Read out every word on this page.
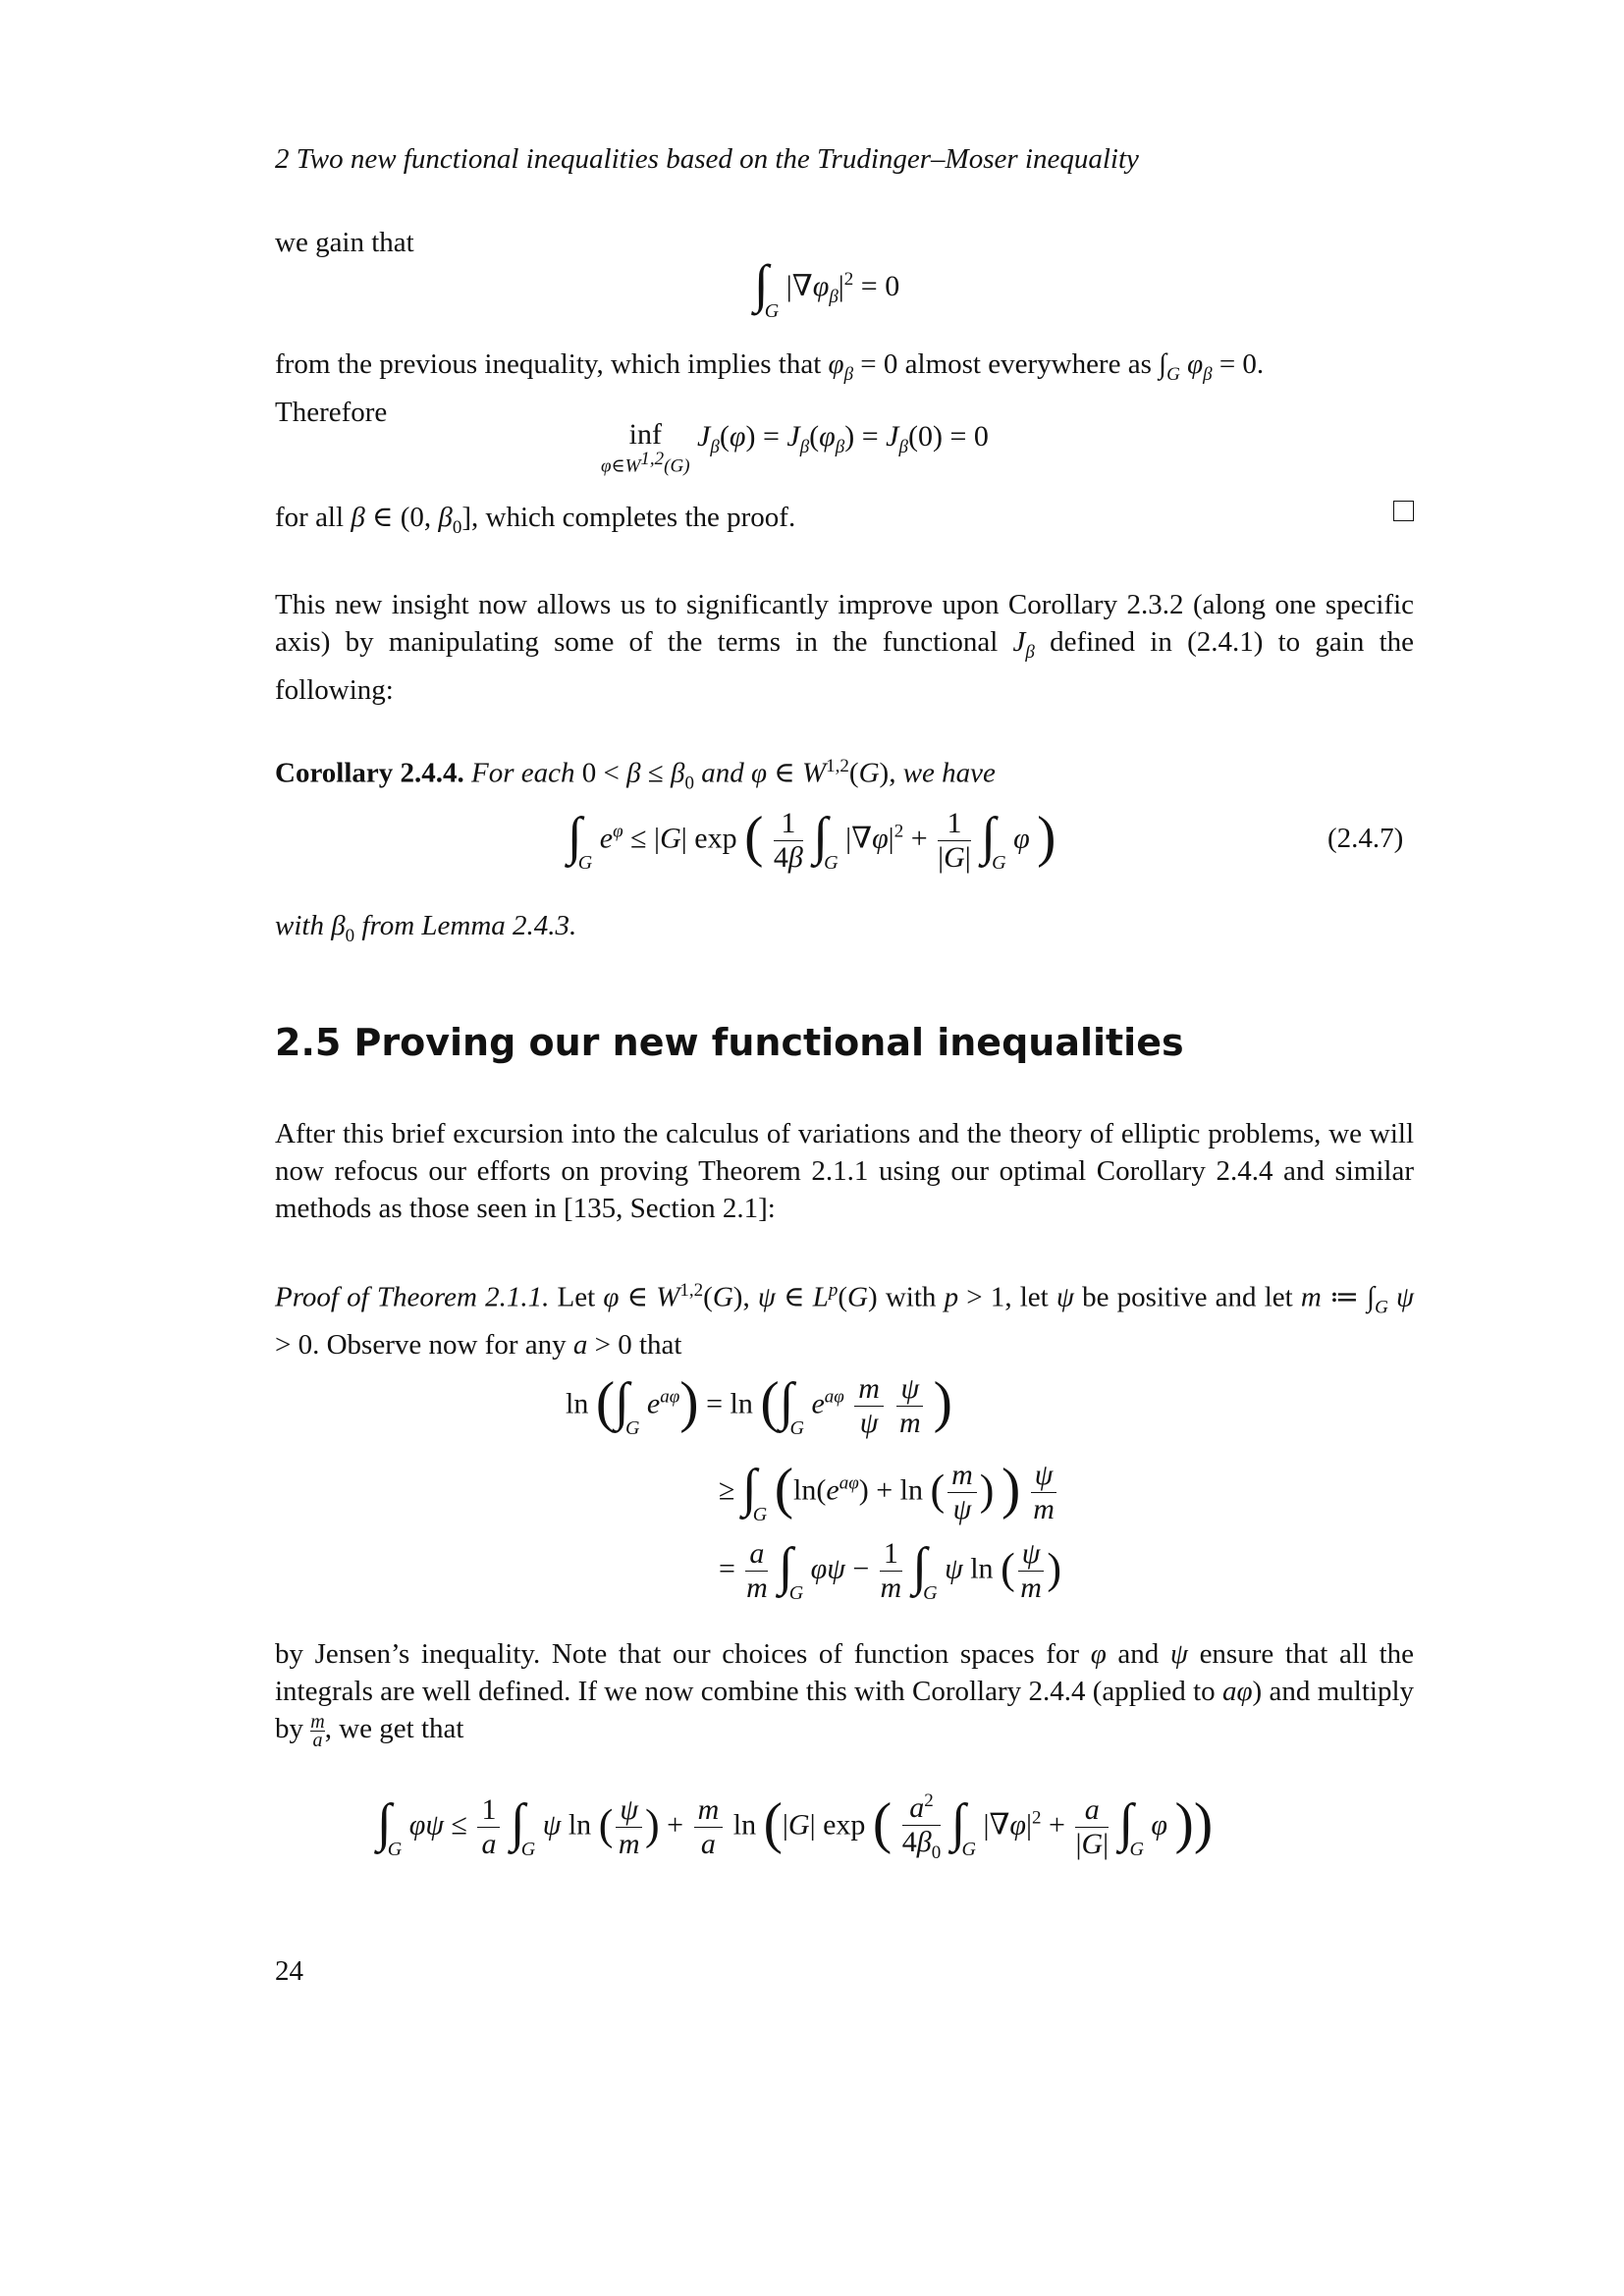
2 Two new functional inequalities based on the Trudinger–Moser inequality
we gain that
$\int_G$ $|\nabla\varphi_\beta|^2 = 0$
from the previous inequality, which implies that $\varphi_\beta = 0$ almost everywhere as $\int_G$ $\varphi_\beta = 0$.
Therefore
inf
$\varphi\in W^{1,2}(G)$
$J_\beta(\varphi) = J_\beta(\varphi_\beta) = J_\beta(0) = 0$
for all β ∈ (0, $\beta_0$], which completes the proof.
This new insight now allows us to significantly improve upon Corollary 2.3.2 (along one specific axis) by manipulating some of the terms in the functional $J_\beta$ defined in (2.4.1) to gain the following:
Corollary 2.4.4. For each $0 < \beta \le \beta_0$ and φ ∈ W$^{1,2}$(G), we have
$\int_G$ $e^\varphi \le |G|$ exp ( $\frac{1}{4\beta} \int_G$ $|\nabla\varphi|^2 + \frac{1}{|G|} \int_G$ φ )	(2.4.7)
with $\beta_0$ from Lemma 2.4.3.
2.5 Proving our new functional inequalities
After this brief excursion into the calculus of variations and the theory of elliptic problems, we will now refocus our efforts on proving Theorem 2.1.1 using our optimal Corollary 2.4.4 and similar methods as those seen in [135, Section 2.1]:
Proof of Theorem 2.1.1. Let φ ∈ W$^{1,2}$(G), ψ ∈ $L^p(G)$ with p > 1, let ψ be positive and let m ≔ $\int_G$ ψ > 0. Observe now for any a > 0 that
$\ln (\int_G$ $e^{a\varphi}) = \ln (\int_G$ $e^{a\varphi} \frac{m}{\psi}$
$\frac{\psi}{m}$ )
≥ $\int_G$ ($\ln(e^{a\varphi}) + \ln$ ( $\frac{m}{\psi}$ ) ) $\frac{\psi}{m}$
= $\frac{a}{m} \int_G$ $\varphi\psi - \frac{1}{m} \int_G$ ψ ln ( $\frac{\psi}{m}$ )
by Jensen’s inequality. Note that our choices of function spaces for φ and ψ ensure that all the integrals are well defined. If we now combine this with Corollary 2.4.4 (applied to aφ) and multiply by $\frac{m}{a}$ , we get that
$\int_G$ $\varphi\psi \le \frac{1}{a} \int_G$ ψ ln ( $\frac{\psi}{m}$ ) + $\frac{m}{a}$ ln (|G| exp ( $\frac{a^2}{4\beta_0} \int_G$ $|\nabla\varphi|^2 + \frac{a}{|G|} \int_G$ φ ))
24
